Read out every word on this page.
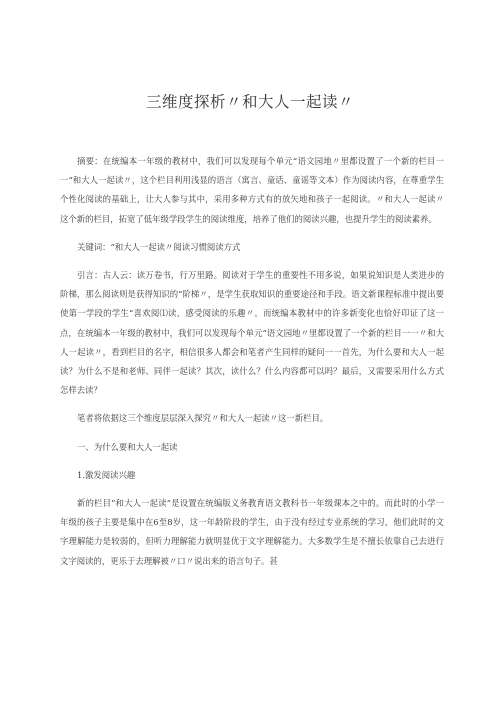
三维度探析〃和大人一起读〃

摘要：在统编本一年级的教材中，我们可以发现每个单元“语文园地〃里都设置了一个新的栏目一一“和大人一起读〃，这个栏目利用浅显的语言（寓言、童话、童谣等文本）作为阅读内容，在尊重学生个性化阅读的基础上，让大人参与其中，采用多种方式有的放矢地和孩子一起阅读。〃和大人一起读〃这个新的栏目，拓宽了低年级学段学生的阅读维度，培养了他们的阅读兴趣，也提升学生的阅读素养。

关键词：“和大人一起读〃阅读习惯阅读方式

引言：古人云：读万卷书，行万里路。阅读对于学生的重要性不用多说，如果说知识是人类进步的阶梯，那么阅读则是获得知识的“阶梯〃，是学生获取知识的重要途径和手段。语文新课程标准中提出要使第一学段的学生“喜欢阅⑴读，感受阅读的乐趣〃。而统编本教材中的许多新变化也恰好印证了这一点，在统编本一年级的教材中，我们可以发现每个单元“语文园地〃里都设置了一个新的栏目一一〃和大人一起读〃，看到栏目的名字，相信很多人都会和笔者产生同样的疑问一一首先，为什么要和大人一起读？为什么不是和老师、同伴一起读？其次，读什么？什么内容都可以吗？最后，又需要采用什么方式怎样去读？

笔者将依据这三个维度层层深入探究〃和大人一起读〃这一新栏目。

一、为什么要和大人一起读

1.激发阅读兴趣

新的栏目”和大人一起读”是设置在统编版义务教育语文教科书一年级课本之中的。而此时的小学一年级的孩子主要是集中在6至8岁，这一年龄阶段的学生，由于没有经过专业系统的学习，他们此时的文字理解能力是较弱的，但听力理解能力就明显优于文字理解能力。大多数学生是不擅长依靠自己去进行文字阅读的，更乐于去理解被〃口〃说出来的语言句子。甚
